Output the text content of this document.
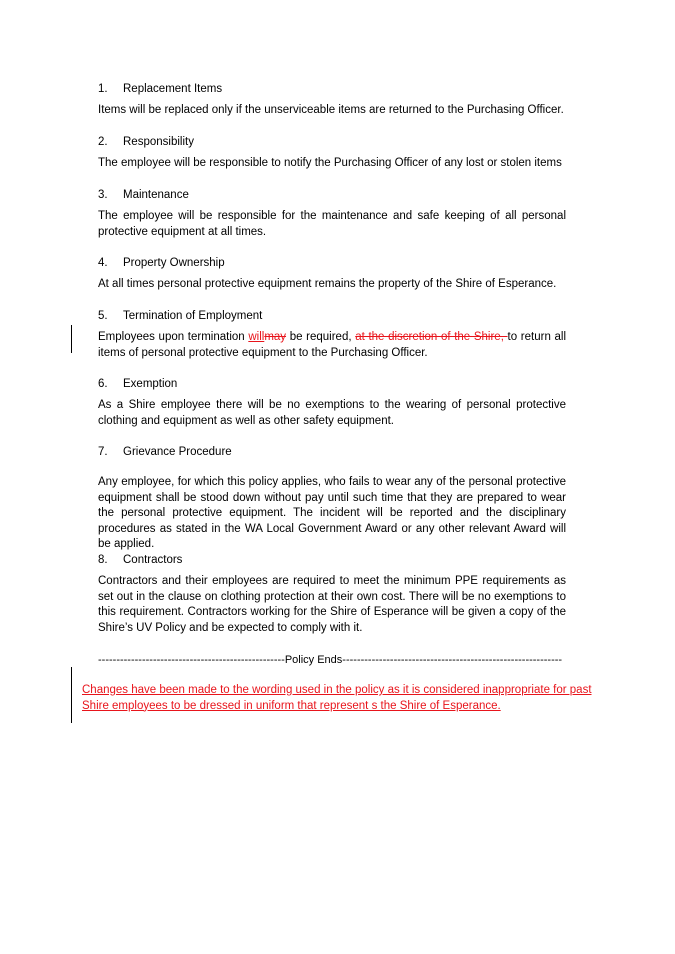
1. Replacement Items
Items will be replaced only if the unserviceable items are returned to the Purchasing Officer.
2. Responsibility
The employee will be responsible to notify the Purchasing Officer of any lost or stolen items
3. Maintenance
The employee will be responsible for the maintenance and safe keeping of all personal protective equipment at all times.
4. Property Ownership
At all times personal protective equipment remains the property of the Shire of Esperance.
5. Termination of Employment
Employees upon termination willmay be required, at the discretion of the Shire, to return all items of personal protective equipment to the Purchasing Officer.
6. Exemption
As a Shire employee there will be no exemptions to the wearing of personal protective clothing and equipment as well as other safety equipment.
7. Grievance Procedure
Any employee, for which this policy applies, who fails to wear any of the personal protective equipment shall be stood down without pay until such time that they are prepared to wear the personal protective equipment. The incident will be reported and the disciplinary procedures as stated in the WA Local Government Award or any other relevant Award will be applied.
8. Contractors
Contractors and their employees are required to meet the minimum PPE requirements as set out in the clause on clothing protection at their own cost. There will be no exemptions to this requirement. Contractors working for the Shire of Esperance will be given a copy of the Shire’s UV Policy and be expected to comply with it.
---------------------------------------------------Policy Ends------------------------------------------------------------
Changes have been made to the wording used in the policy as it is considered inappropriate for past Shire employees to be dressed in uniform that represent s the Shire of Esperance.
